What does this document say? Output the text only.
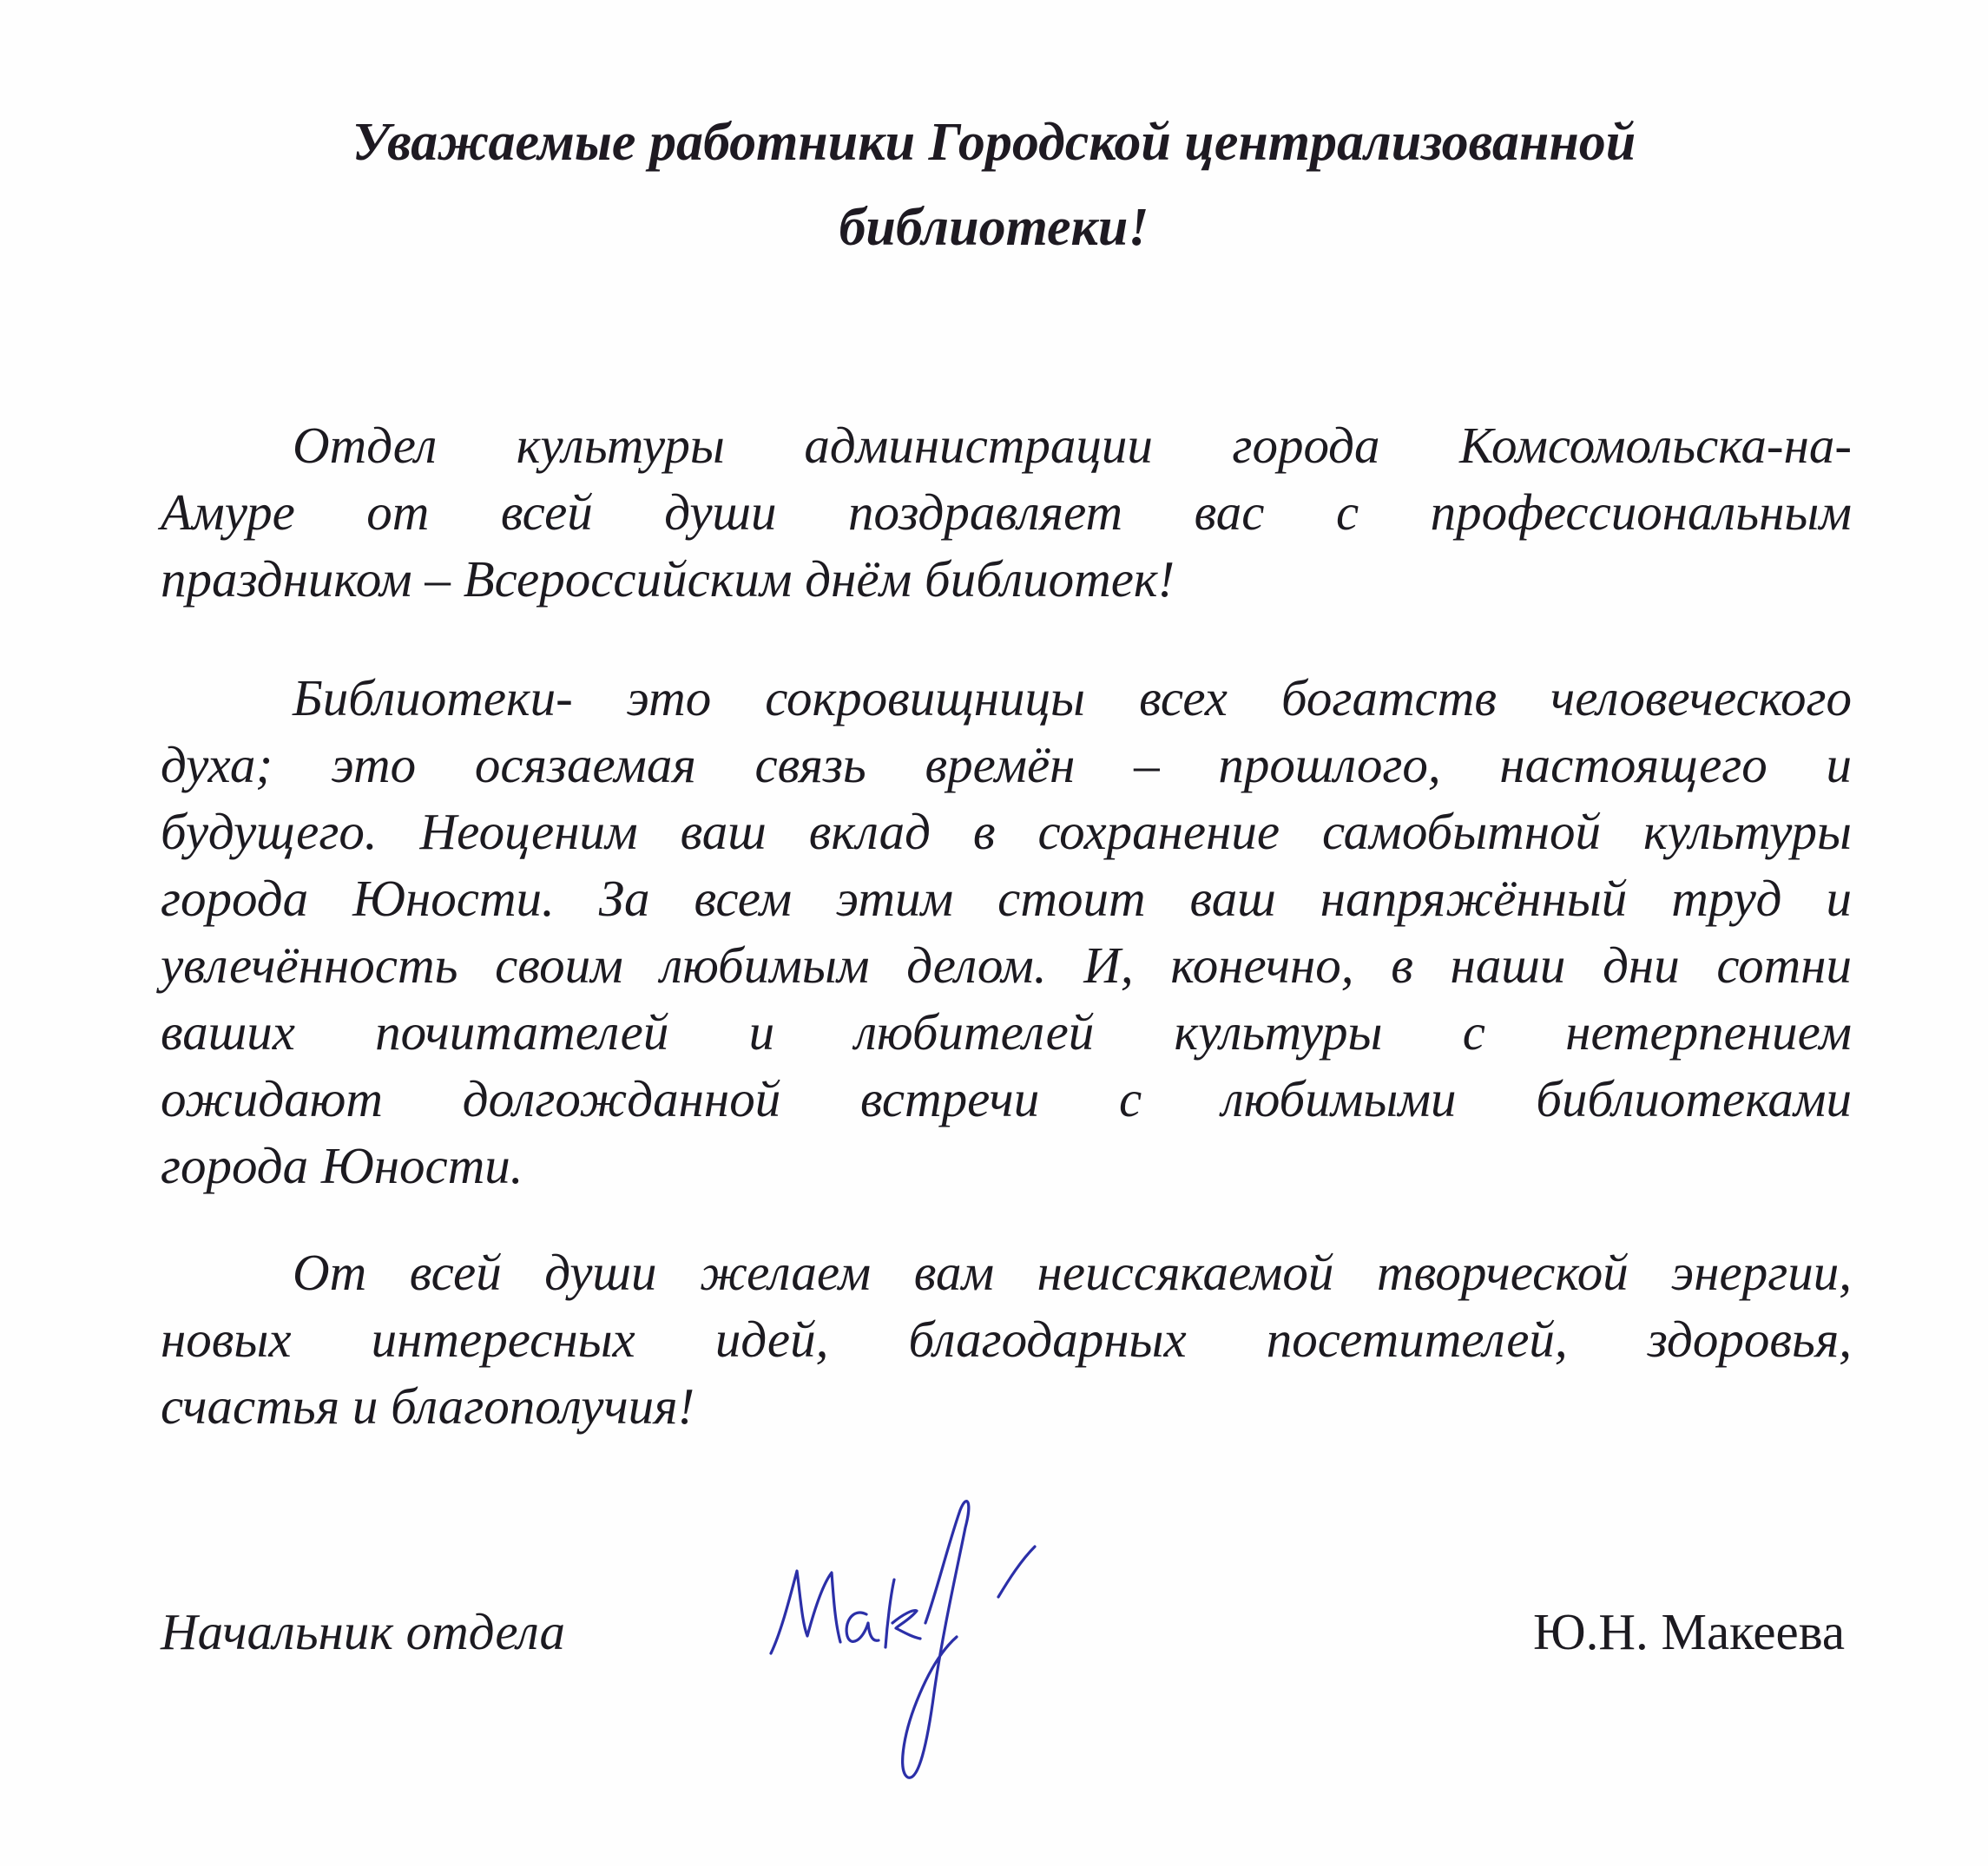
Уважаемые работники Городской централизованной
библиотеки!
Отдел культуры администрации города Комсомольска-на-
Амуре от всей души поздравляет вас с профессиональным
праздником – Всероссийским днём библиотек!
Библиотеки- это сокровищницы всех богатств человеческого
духа; это осязаемая связь времён – прошлого, настоящего и
будущего. Неоценим ваш вклад в сохранение самобытной культуры
города Юности. За всем этим стоит ваш напряжённый труд и
увлечённость своим любимым делом. И, конечно, в наши дни сотни
ваших почитателей и любителей культуры с нетерпением
ожидают долгожданной встречи с любимыми библиотеками
города Юности.
От всей души желаем вам неиссякаемой творческой энергии,
новых интересных идей, благодарных посетителей, здоровья,
счастья и благополучия!
Начальник отдела	Ю.Н. Макеева
